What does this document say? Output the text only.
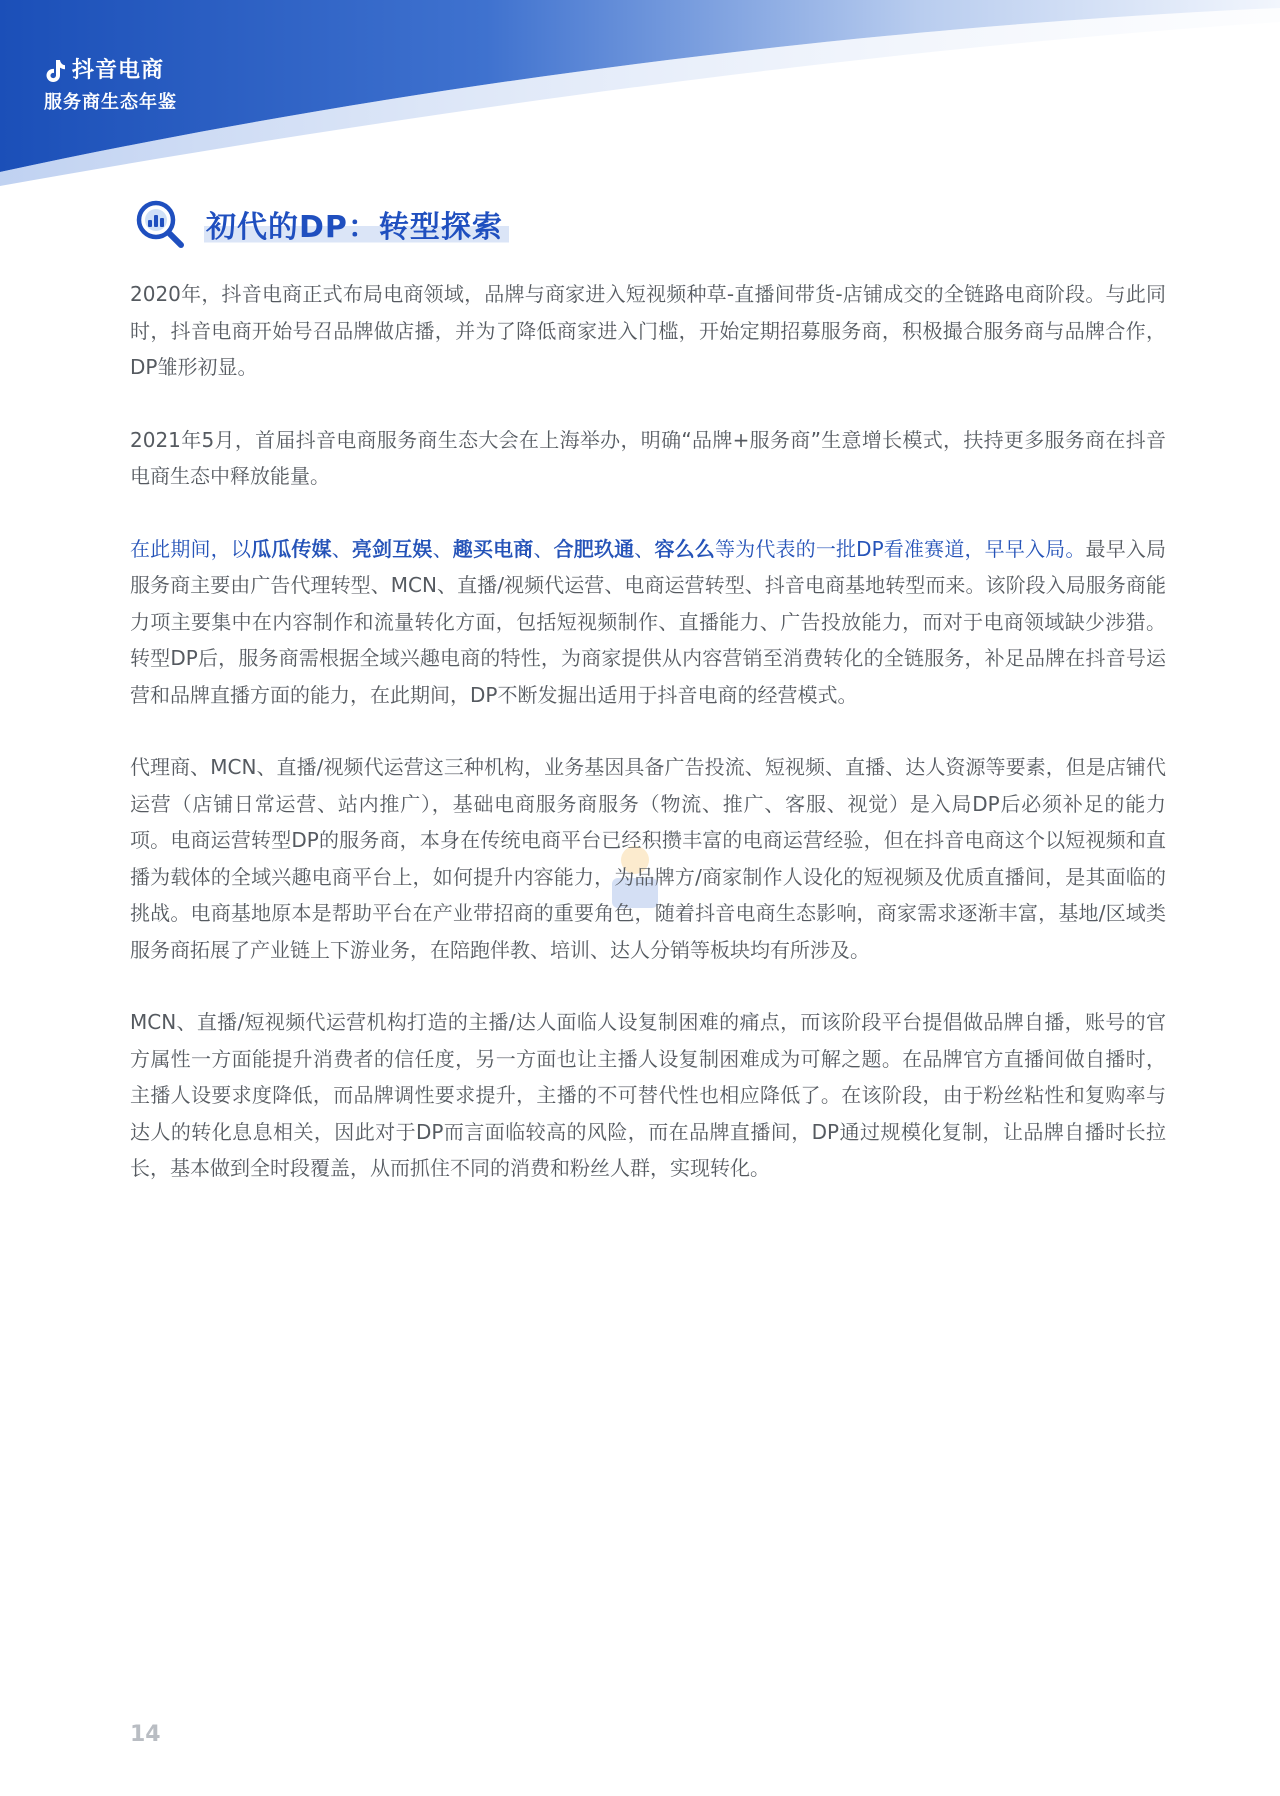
抖音电商
服务商生态年鉴
初代的DP：转型探索

2020年，抖音电商正式布局电商领域，品牌与商家进入短视频种草-直播间带货-店铺成交的全链路电商阶段。与此同时，抖音电商开始号召品牌做店播，并为了降低商家进入门槛，开始定期招募服务商，积极撮合服务商与品牌合作，DP雏形初显。

2021年5月，首届抖音电商服务商生态大会在上海举办，明确“品牌+服务商”生意增长模式，扶持更多服务商在抖音电商生态中释放能量。

在此期间，以瓜瓜传媒、亮剑互娱、趣买电商、合肥玖通、容么么等为代表的一批DP看准赛道，早早入局。最早入局服务商主要由广告代理转型、MCN、直播/视频代运营、电商运营转型、抖音电商基地转型而来。该阶段入局服务商能力项主要集中在内容制作和流量转化方面，包括短视频制作、直播能力、广告投放能力，而对于电商领域缺少涉猎。转型DP后，服务商需根据全域兴趣电商的特性，为商家提供从内容营销至消费转化的全链服务，补足品牌在抖音号运营和品牌直播方面的能力，在此期间，DP不断发掘出适用于抖音电商的经营模式。

代理商、MCN、直播/视频代运营这三种机构，业务基因具备广告投流、短视频、直播、达人资源等要素，但是店铺代运营（店铺日常运营、站内推广），基础电商服务商服务（物流、推广、客服、视觉）是入局DP后必须补足的能力项。电商运营转型DP的服务商，本身在传统电商平台已经积攒丰富的电商运营经验，但在抖音电商这个以短视频和直播为载体的全域兴趣电商平台上，如何提升内容能力，为品牌方/商家制作人设化的短视频及优质直播间，是其面临的挑战。电商基地原本是帮助平台在产业带招商的重要角色，随着抖音电商生态影响，商家需求逐渐丰富，基地/区域类服务商拓展了产业链上下游业务，在陪跑伴教、培训、达人分销等板块均有所涉及。

MCN、直播/短视频代运营机构打造的主播/达人面临人设复制困难的痛点，而该阶段平台提倡做品牌自播，账号的官方属性一方面能提升消费者的信任度，另一方面也让主播人设复制困难成为可解之题。在品牌官方直播间做自播时，主播人设要求度降低，而品牌调性要求提升，主播的不可替代性也相应降低了。在该阶段，由于粉丝粘性和复购率与达人的转化息息相关，因此对于DP而言面临较高的风险，而在品牌直播间，DP通过规模化复制，让品牌自播时长拉长，基本做到全时段覆盖，从而抓住不同的消费和粉丝人群，实现转化。

14
